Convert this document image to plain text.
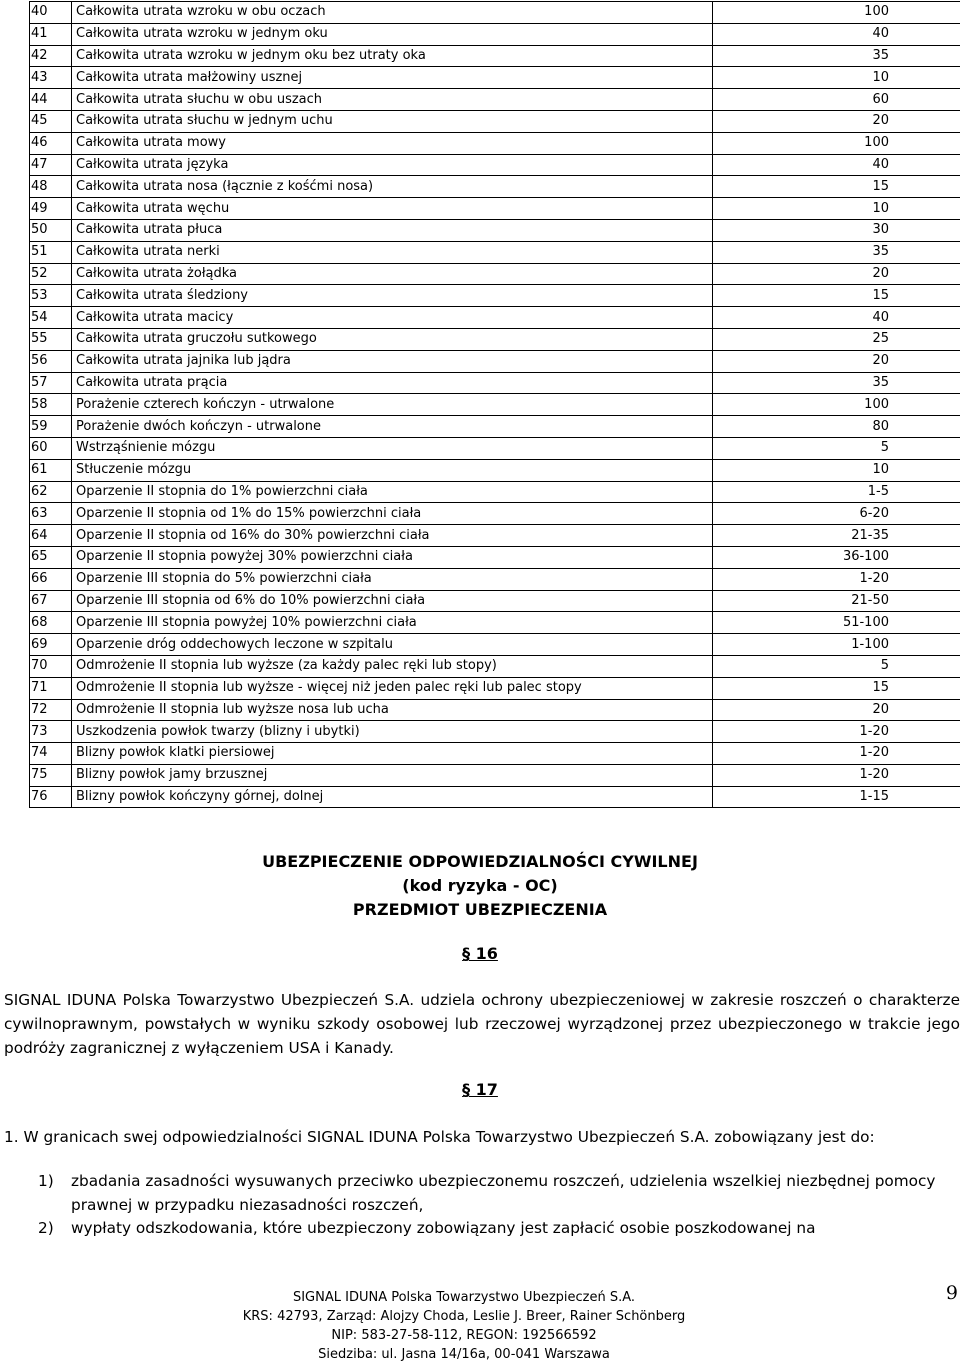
40	Całkowita utrata wzroku w obu oczach	100
41	Całkowita utrata wzroku w jednym oku	40
42	Całkowita utrata wzroku w jednym oku bez utraty oka	35
43	Całkowita utrata małżowiny usznej	10
44	Całkowita utrata słuchu w obu uszach	60
45	Całkowita utrata słuchu w jednym uchu	20
46	Całkowita utrata mowy	100
47	Całkowita utrata języka	40
48	Całkowita utrata nosa (łącznie z kośćmi nosa)	15
49	Całkowita utrata węchu	10
50	Całkowita utrata płuca	30
51	Całkowita utrata nerki	35
52	Całkowita utrata żołądka	20
53	Całkowita utrata śledziony	15
54	Całkowita utrata macicy	40
55	Całkowita utrata gruczołu sutkowego	25
56	Całkowita utrata jajnika lub jądra	20
57	Całkowita utrata prącia	35
58	Porażenie czterech kończyn - utrwalone	100
59	Porażenie dwóch kończyn - utrwalone	80
60	Wstrząśnienie mózgu	5
61	Stłuczenie mózgu	10
62	Oparzenie II stopnia do 1% powierzchni ciała	1-5
63	Oparzenie II stopnia od 1% do 15% powierzchni ciała	6-20
64	Oparzenie II stopnia od 16% do 30% powierzchni ciała	21-35
65	Oparzenie II stopnia powyżej 30% powierzchni ciała	36-100
66	Oparzenie III stopnia do 5% powierzchni ciała	1-20
67	Oparzenie III stopnia od 6% do 10% powierzchni ciała	21-50
68	Oparzenie III stopnia powyżej 10% powierzchni ciała	51-100
69	Oparzenie dróg oddechowych leczone w szpitalu	1-100
70	Odmrożenie II stopnia lub wyższe (za każdy palec ręki lub stopy)	5
71	Odmrożenie II stopnia lub wyższe - więcej niż jeden palec ręki lub palec stopy	15
72	Odmrożenie II stopnia lub wyższe nosa lub ucha	20
73	Uszkodzenia powłok twarzy (blizny i ubytki)	1-20
74	Blizny powłok klatki piersiowej	1-20
75	Blizny powłok jamy brzusznej	1-20
76	Blizny powłok kończyny górnej, dolnej	1-15
UBEZPIECZENIE ODPOWIEDZIALNOŚCI CYWILNEJ
(kod ryzyka - OC)
PRZEDMIOT UBEZPIECZENIA
§ 16
SIGNAL IDUNA Polska Towarzystwo Ubezpieczeń S.A. udziela ochrony ubezpieczeniowej w zakresie roszczeń o charakterze cywilnoprawnym, powstałych w wyniku szkody osobowej lub rzeczowej wyrządzonej przez ubezpieczonego w trakcie jego podróży zagranicznej z wyłączeniem USA i Kanady.
§ 17
1. W granicach swej odpowiedzialności SIGNAL IDUNA Polska Towarzystwo Ubezpieczeń S.A. zobowiązany jest do:
1) zbadania zasadności wysuwanych przeciwko ubezpieczonemu roszczeń, udzielenia wszelkiej niezbędnej pomocy prawnej w przypadku niezasadności roszczeń,
2) wypłaty odszkodowania, które ubezpieczony zobowiązany jest zapłacić osobie poszkodowanej na
SIGNAL IDUNA Polska Towarzystwo Ubezpieczeń S.A.
KRS: 42793, Zarząd: Alojzy Choda, Leslie J. Breer, Rainer Schönberg
NIP: 583-27-58-112, REGON: 192566592
Siedziba: ul. Jasna 14/16a, 00-041 Warszawa
9
